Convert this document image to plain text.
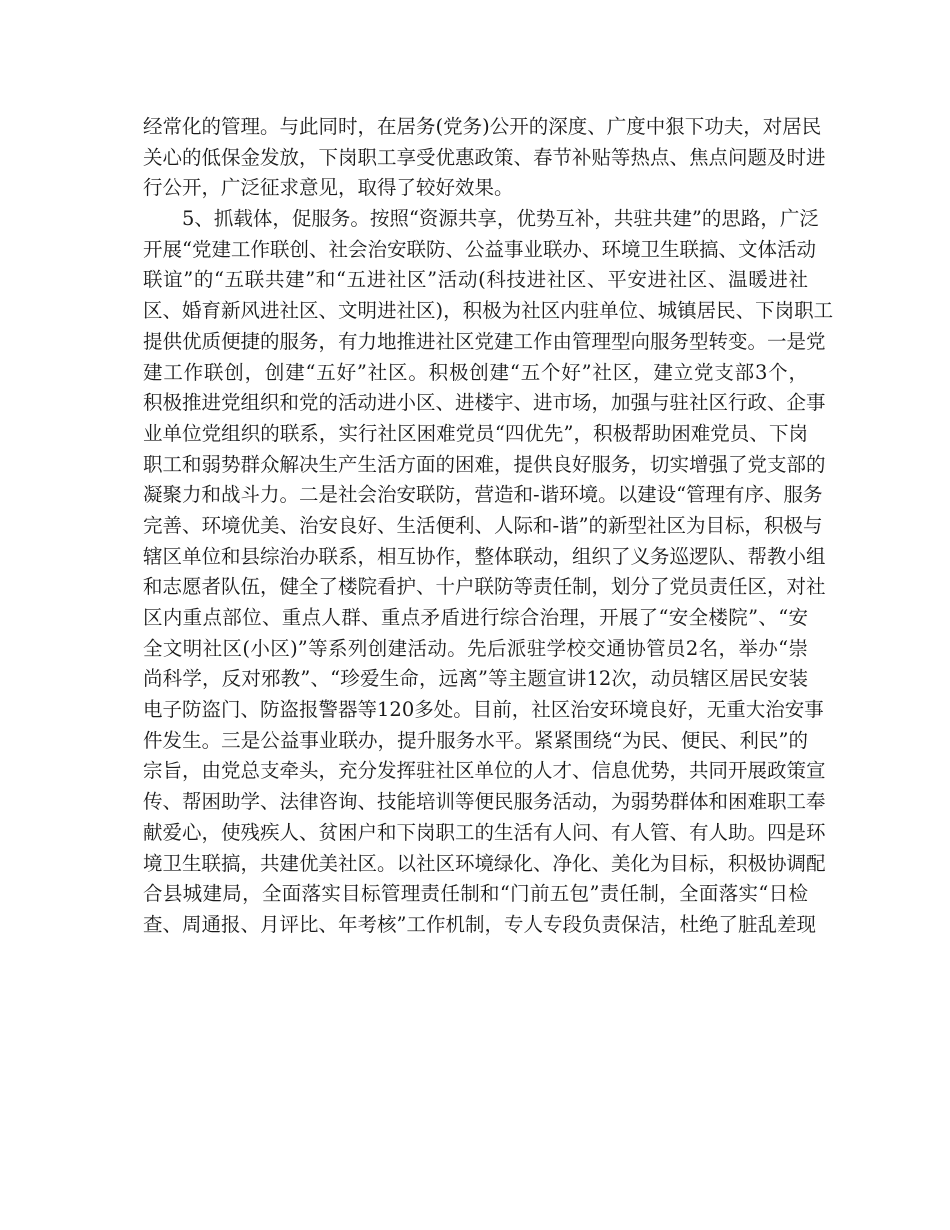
经常化的管理。与此同时，在居务(党务)公开的深度、广度中狠下功夫，对居民
关心的低保金发放，下岗职工享受优惠政策、春节补贴等热点、焦点问题及时进
行公开，广泛征求意见，取得了较好效果。
5、抓载体，促服务。按照“资源共享，优势互补，共驻共建”的思路，广泛
开展“党建工作联创、社会治安联防、公益事业联办、环境卫生联搞、文体活动
联谊”的“五联共建”和“五进社区”活动(科技进社区、平安进社区、温暖进社
区、婚育新风进社区、文明进社区)，积极为社区内驻单位、城镇居民、下岗职工
提供优质便捷的服务，有力地推进社区党建工作由管理型向服务型转变。一是党
建工作联创，创建“五好”社区。积极创建“五个好”社区，建立党支部3个，
积极推进党组织和党的活动进小区、进楼宇、进市场，加强与驻社区行政、企事
业单位党组织的联系，实行社区困难党员“四优先”，积极帮助困难党员、下岗
职工和弱势群众解决生产生活方面的困难，提供良好服务，切实增强了党支部的
凝聚力和战斗力。二是社会治安联防，营造和-谐环境。以建设“管理有序、服务
完善、环境优美、治安良好、生活便利、人际和-谐”的新型社区为目标，积极与
辖区单位和县综治办联系，相互协作，整体联动，组织了义务巡逻队、帮教小组
和志愿者队伍，健全了楼院看护、十户联防等责任制，划分了党员责任区，对社
区内重点部位、重点人群、重点矛盾进行综合治理，开展了“安全楼院”、“安
全文明社区(小区)”等系列创建活动。先后派驻学校交通协管员2名，举办“崇
尚科学，反对邪教”、“珍爱生命，远离”等主题宣讲12次，动员辖区居民安装
电子防盗门、防盗报警器等120多处。目前，社区治安环境良好，无重大治安事
件发生。三是公益事业联办，提升服务水平。紧紧围绕“为民、便民、利民”的
宗旨，由党总支牵头，充分发挥驻社区单位的人才、信息优势，共同开展政策宣
传、帮困助学、法律咨询、技能培训等便民服务活动，为弱势群体和困难职工奉
献爱心，使残疾人、贫困户和下岗职工的生活有人问、有人管、有人助。四是环
境卫生联搞，共建优美社区。以社区环境绿化、净化、美化为目标，积极协调配
合县城建局，全面落实目标管理责任制和“门前五包”责任制，全面落实“日检
查、周通报、月评比、年考核”工作机制，专人专段负责保洁，杜绝了脏乱差现
